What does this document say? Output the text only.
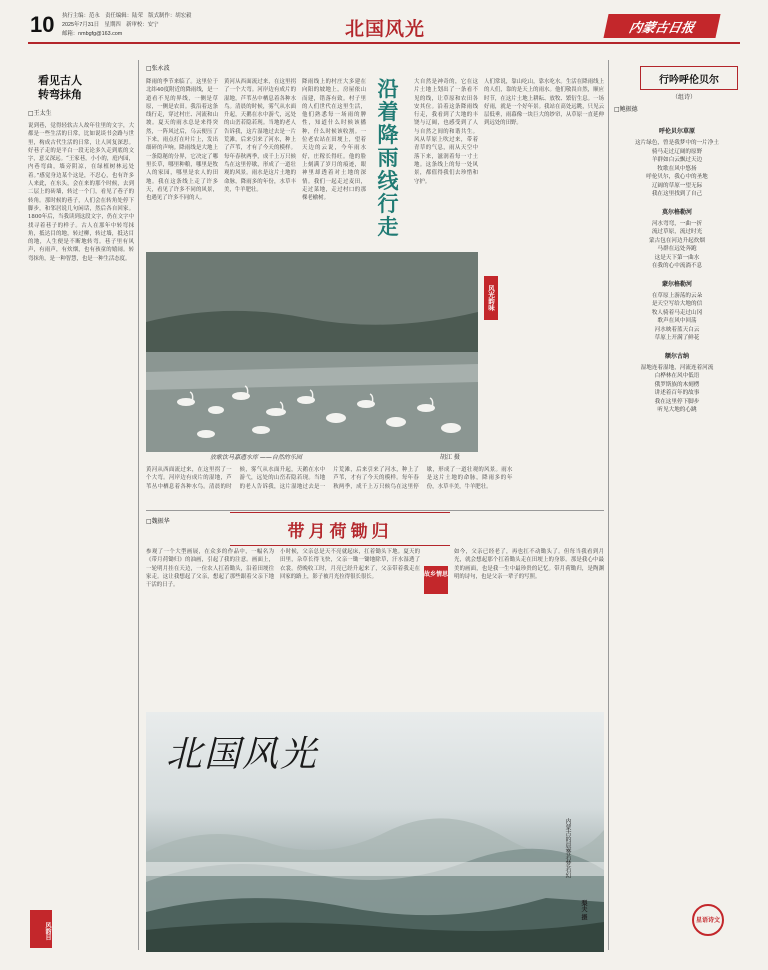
10 执行主编：范永　责任编辑：陆荣　版式制作：胡宏毅
2025年7月31日　星期四　新审校：安宁
邮箱：nmbgfg@163.com	北国风光	内蒙古日报
看见古人
转弯抹角
□王太生
说到巷，觉得轻软古人故年往里的文字，大都是一些生活的日常，比如说谈书会路与世里，构成古代生活的日常，让人回复深思。好巷子走的是平白一段无论多久走到底的文字，意义深远。“王家巷，小小的，庭内园，内巷弯曲，墙旁阴凉，在绿植树林远处着。”感觉身边某个这是，不忍心，也有许多人来此，在东头，会在来的那个时候，去到二层上的砖墙，转过一个门，看见了巷子的转角。那时候的巷子，人们会在转角处停下脚步，和邻居说几句闲话，然后各自回家。1800年后，当我读到这段文字，仍在文字中找寻着巷子的样子。古人在那年中转弯抹角，抵达目的地，转过柳，转过墙，抵达目的地，人生便是不断地转弯。巷子里有风声，有雨声，有炊烟，也有孩童的嬉闹。转弯抹角，是一种智慧，也是一种生活态度。
风韵目
□张永波
降雨的季节来临了。这里位于北纬40度附近的降雨线，是一道看不见的界线，一侧是草原，一侧是农田。我沿着这条线行走，穿过村庄、河流和山坡。夏天的雨水总是来得突然，一阵风过后，乌云便压了下来，雨点打在叶片上，发出细碎的声响。降雨线是大地上一条隐秘的分界，它决定了哪里长草，哪里种粮，哪里是牧人的家园，哪里是农人的田地。我在这条线上走了许多天，看见了许多不同的风景，也遇见了许多不同的人。
黄河从西面流过来，在这里拐了一个大弯。河岸边有成片的湿地，芦苇丛中栖息着各种水鸟。清晨的时候，雾气从水面升起，天鹅在水中游弋，远处的山峦若隐若现。当地的老人告诉我，这片湿地过去是一片荒滩，后来引来了河水，种上了芦苇，才有了今天的模样。每年春秋两季，成千上万只候鸟在这里停歇，形成了一道壮观的风景。雨水是这片土地的命脉，降雨多的年份，水草丰美，牛羊肥壮。
降雨线上的村庄大多建在向阳的坡地上，房屋依山而建，错落有致。村子里的人们世代在这里生活，他们熟悉每一场雨的脾性，知道什么时候该播种，什么时候该收割。一位老农站在田埂上，望着天边的云说，今年雨水好，庄稼长得旺。他的脸上刻满了岁月的痕迹，眼神里却透着对土地的深情。我们一起走过麦田，走过菜地，走过村口的那棵老榆树。
沿
着
降
雨
线
行
走
大自然是神奇的，它在这片土地上划出了一条看不见的线，让草原和农田各安其位。沿着这条降雨线行走，我看到了大地的丰饶与辽阔，也感受到了人与自然之间的和谐共生。风从草原上吹过来，带着青草的气息，雨从天空中落下来，滋润着每一寸土地。这条线上的每一处风景，都值得我们去珍惜和守护。
人们常说，靠山吃山，靠水吃水。生活在降雨线上的人们，靠的是天上的雨水。他们敬畏自然，顺应时节，在这片土地上耕耘、放牧、繁衍生息。一场好雨，就是一个好年景。我站在高处远眺，只见云层低垂，雨幕像一块巨大的纱帘，从草原一直延伸到远处的田野。
放歌饮马嘉遗水库 ——自然的乐园	胡江 摄
风光韵味
黄河从西面流过来，在这里拐了一个大弯。河岸边有成片的湿地，芦苇丛中栖息着各种水鸟。清晨的时候，雾气从水面升起，天鹅在水中游弋，远处的山峦若隐若现。当地的老人告诉我，这片湿地过去是一片荒滩，后来引来了河水，种上了芦苇，才有了今天的模样。每年春秋两季，成千上万只候鸟在这里停歇，形成了一道壮观的风景。雨水是这片土地的命脉，降雨多的年份，水草丰美，牛羊肥壮。
□魏振华	带月荷锄归
参观了一个大型画展，在众多的作品中，一幅名为《带月荷锄归》的油画，引起了我的注意。画面上，一轮明月挂在天边，一位农人扛着锄头，沿着田埂往家走。这让我想起了父亲，想起了那些跟着父亲下地干活的日子。
小时候，父亲总是天不亮就起床，扛着锄头下地。夏天的田里，杂草长得飞快，父亲一锄一锄地除草，汗水湿透了衣裳。傍晚收工时，月亮已经升起来了，父亲带着我走在回家的路上，影子被月光拉得很长很长。	故乡情思
如今，父亲已经老了，再也扛不动锄头了。但每当我看到月光，就会想起那个扛着锄头走在田埂上的身影。那是我心中最美的画面，也是我一生中最珍贵的记忆。带月荷锄归，是陶渊明的诗句，也是父亲一辈子的写照。
北国风光
内蒙古的晨雾若梦若幻
梨夫 摄
行吟呼伦贝尔
（组诗）
□鲍振德
呼伦贝尔草原
这片绿色，曾是我梦中的一片净土
骑马走过辽阔的原野
羊群如白云飘过天边
牧歌在风中悠扬
呼伦贝尔，我心中的圣地
辽阔的草原一望无际
我在这里找到了自己
莫尔格勒河
河水弯弯，一曲一折
流过草原，流过时光
蒙古包在河边升起炊烟
马群在远处奔跑
这是天下第一曲水
在我的心中流淌不息
蒙尔格勒河
在草原上游荡的云朵
是天空写给大地的信
牧人骑着马走过山冈
歌声在风中回荡
河水映着蓝天白云
草原上开满了鲜花
额尔古纳
湿地连着湿地，河流连着河流
白桦林在风中低语
俄罗斯族的木刻楞
讲述着百年的故事
我在这里停下脚步
听见大地的心跳
星语诗文
